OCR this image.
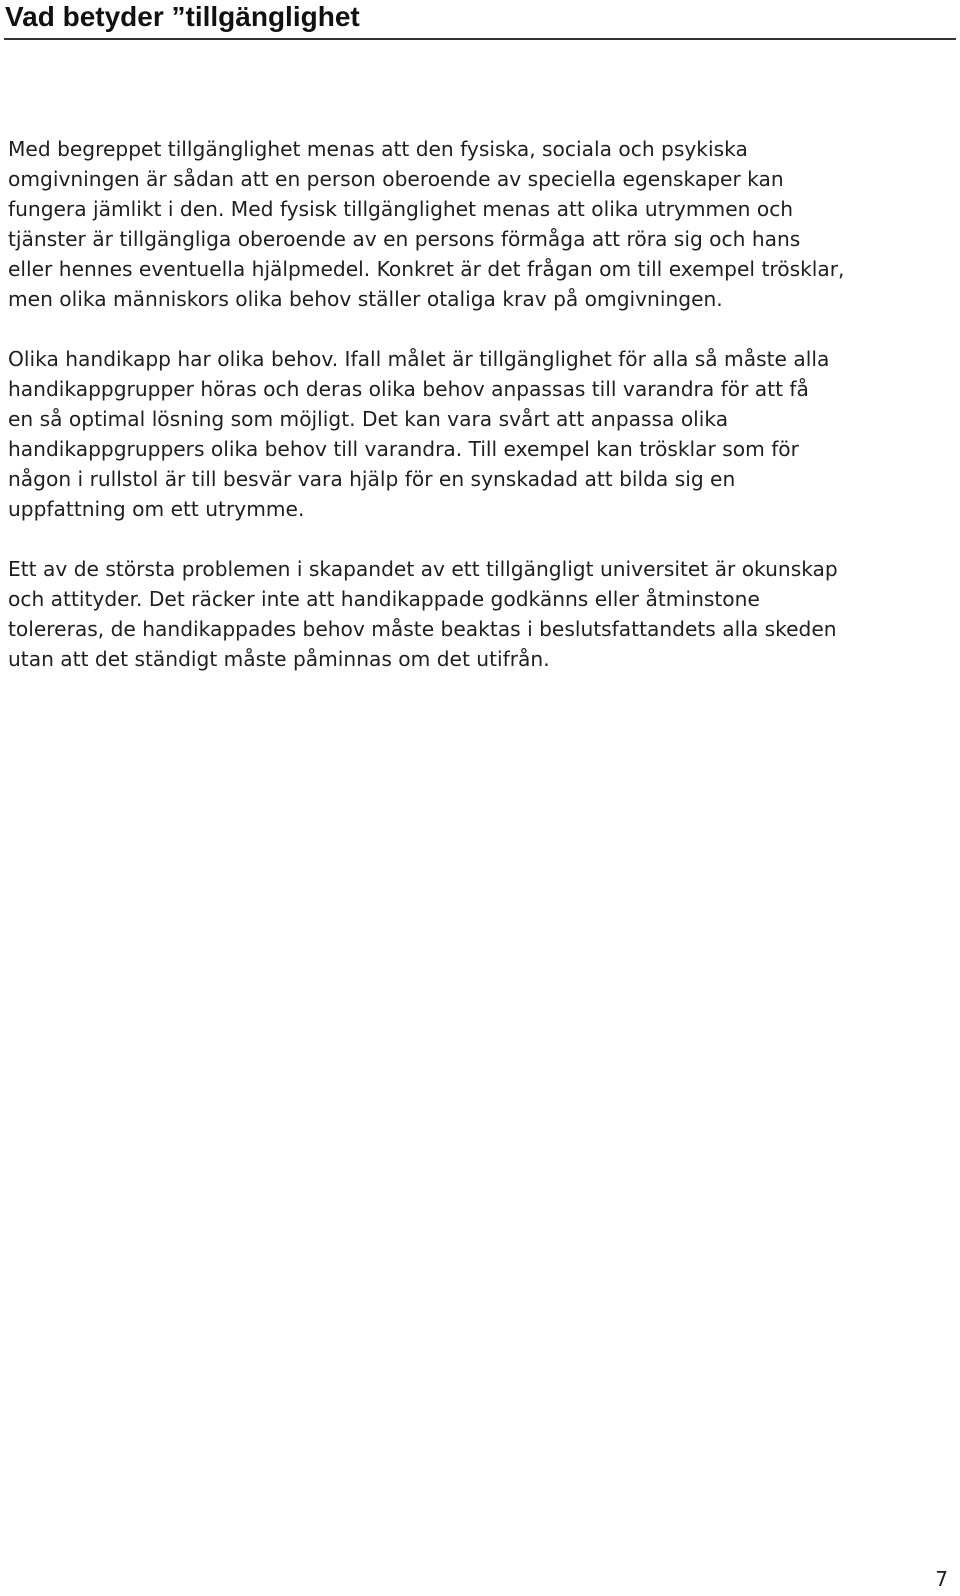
Vad betyder ”tillgänglighet

Med begreppet tillgänglighet menas att den fysiska, sociala och psykiska
omgivningen är sådan att en person oberoende av speciella egenskaper kan
fungera jämlikt i den. Med fysisk tillgänglighet menas att olika utrymmen och
tjänster är tillgängliga oberoende av en persons förmåga att röra sig och hans
eller hennes eventuella hjälpmedel. Konkret är det frågan om till exempel trösklar,
men olika människors olika behov ställer otaliga krav på omgivningen.

Olika handikapp har olika behov. Ifall målet är tillgänglighet för alla så måste alla
handikappgrupper höras och deras olika behov anpassas till varandra för att få
en så optimal lösning som möjligt. Det kan vara svårt att anpassa olika
handikappgruppers olika behov till varandra. Till exempel kan trösklar som för
någon i rullstol är till besvär vara hjälp för en synskadad att bilda sig en
uppfattning om ett utrymme.

Ett av de största problemen i skapandet av ett tillgängligt universitet är okunskap
och attityder. Det räcker inte att handikappade godkänns eller åtminstone
tolereras, de handikappades behov måste beaktas i beslutsfattandets alla skeden
utan att det ständigt måste påminnas om det utifrån.

7
